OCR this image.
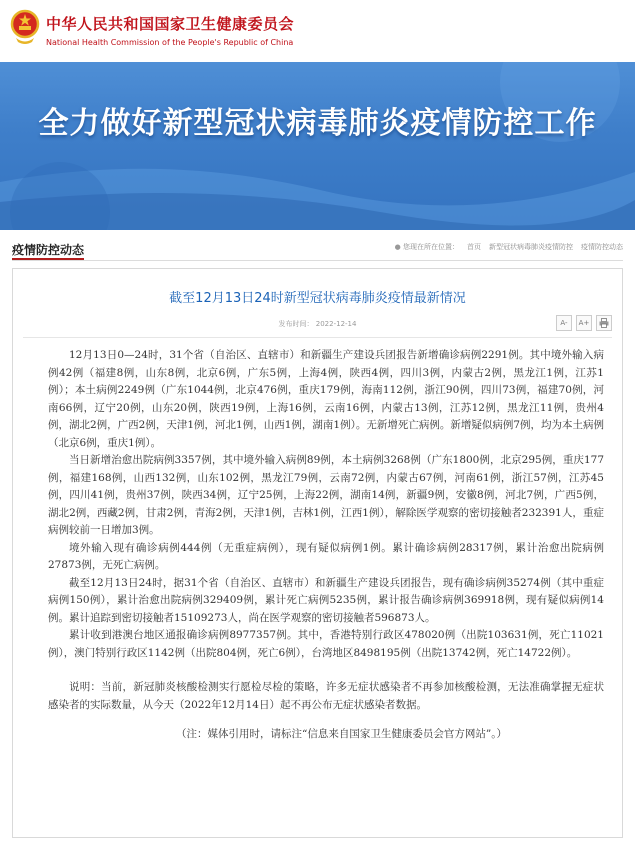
中华人民共和国国家卫生健康委员会
National Health Commission of the People's Republic of China
全力做好新型冠状病毒肺炎疫情防控工作
疫情防控动态	● 您现在所在位置： 首页 新型冠状病毒肺炎疫情防控 疫情防控动态
截至12月13日24时新型冠状病毒肺炎疫情最新情况
发布时间： 2022-12-14	A-	A+

12月13日0—24时，31个省（自治区、直辖市）和新疆生产建设兵团报告新增确诊病例2291例。其中境外输入病例42例（福建8例，山东8例，北京6例，广东5例，上海4例，陕西4例，四川3例，内蒙古2例，黑龙江1例，江苏1例）；本土病例2249例（广东1044例，北京476例，重庆179例，海南112例，浙江90例，四川73例，福建70例，河南66例，辽宁20例，山东20例，陕西19例，上海16例，云南16例，内蒙古13例，江苏12例，黑龙江11例，贵州4例，湖北2例，广西2例，天津1例，河北1例，山西1例，湖南1例）。无新增死亡病例。新增疑似病例7例，均为本土病例（北京6例，重庆1例）。

当日新增治愈出院病例3357例，其中境外输入病例89例，本土病例3268例（广东1800例，北京295例，重庆177例，福建168例，山西132例，山东102例，黑龙江79例，云南72例，内蒙古67例，河南61例，浙江57例，江苏45例，四川41例，贵州37例，陕西34例，辽宁25例，上海22例，湖南14例，新疆9例，安徽8例，河北7例，广西5例，湖北2例，西藏2例，甘肃2例，青海2例，天津1例，吉林1例，江西1例），解除医学观察的密切接触者232391人，重症病例较前一日增加3例。

境外输入现有确诊病例444例（无重症病例），现有疑似病例1例。累计确诊病例28317例，累计治愈出院病例27873例，无死亡病例。

截至12月13日24时，据31个省（自治区、直辖市）和新疆生产建设兵团报告，现有确诊病例35274例（其中重症病例150例），累计治愈出院病例329409例，累计死亡病例5235例，累计报告确诊病例369918例，现有疑似病例14例。累计追踪到密切接触者15109273人，尚在医学观察的密切接触者596873人。

累计收到港澳台地区通报确诊病例8977357例。其中，香港特别行政区478020例（出院103631例，死亡11021例），澳门特别行政区1142例（出院804例，死亡6例），台湾地区8498195例（出院13742例，死亡14722例）。

说明：当前，新冠肺炎核酸检测实行愿检尽检的策略，许多无症状感染者不再参加核酸检测，无法准确掌握无症状感染者的实际数量，从今天（2022年12月14日）起不再公布无症状感染者数据。

（注：媒体引用时，请标注“信息来自国家卫生健康委员会官方网站”。）
